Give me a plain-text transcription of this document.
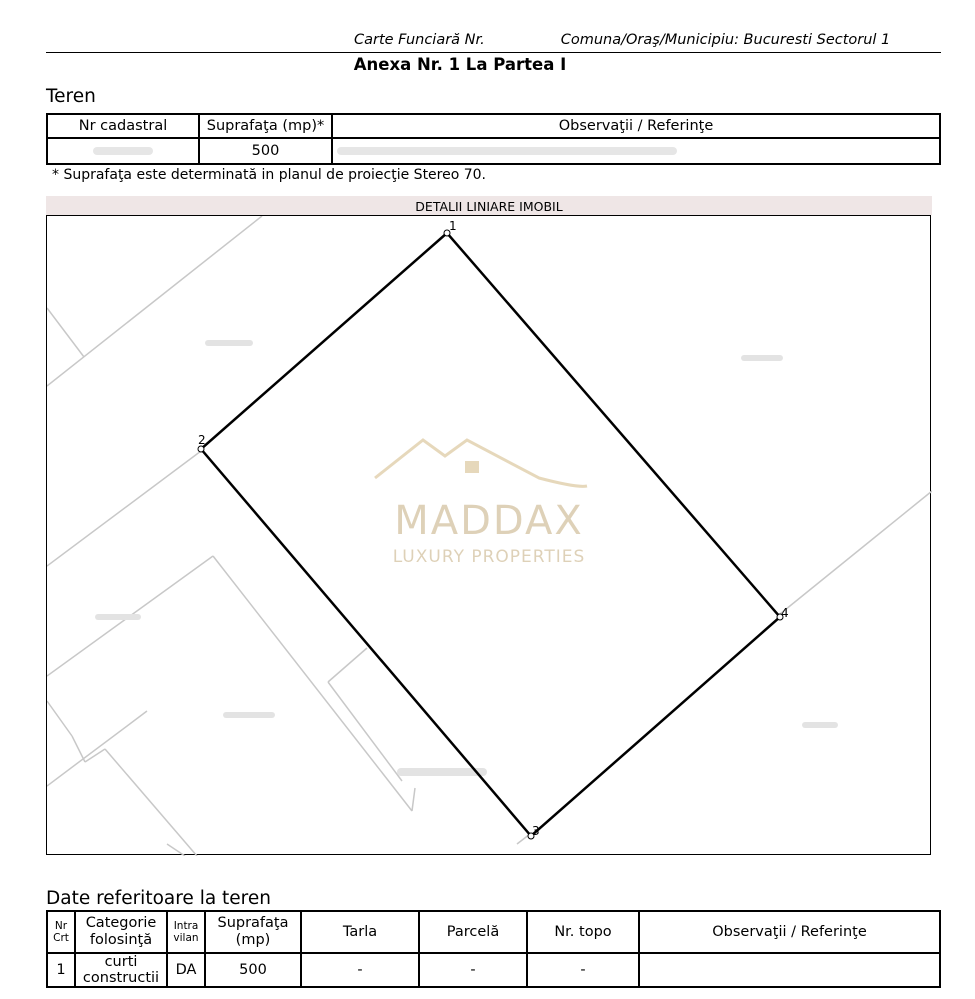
Carte Funciară Nr.	Comuna/Oraş/Municipiu: Bucuresti Sectorul 1
Anexa Nr. 1 La Partea I
Teren
Nr cadastral	Suprafaţa (mp)*	Observaţii / Referinţe
	500	
* Suprafaţa este determinată in planul de proiecţie Stereo 70.
DETALII LINIARE IMOBIL
MADDAX
LUXURY PROPERTIES
1
2
3
4
Date referitoare la teren
Nr Crt	Categorie folosinţă	Intra vilan	Suprafaţa (mp)	Tarla	Parcelă	Nr. topo	Observaţii / Referinţe
1	curti constructii	DA	500	-	-	-	
